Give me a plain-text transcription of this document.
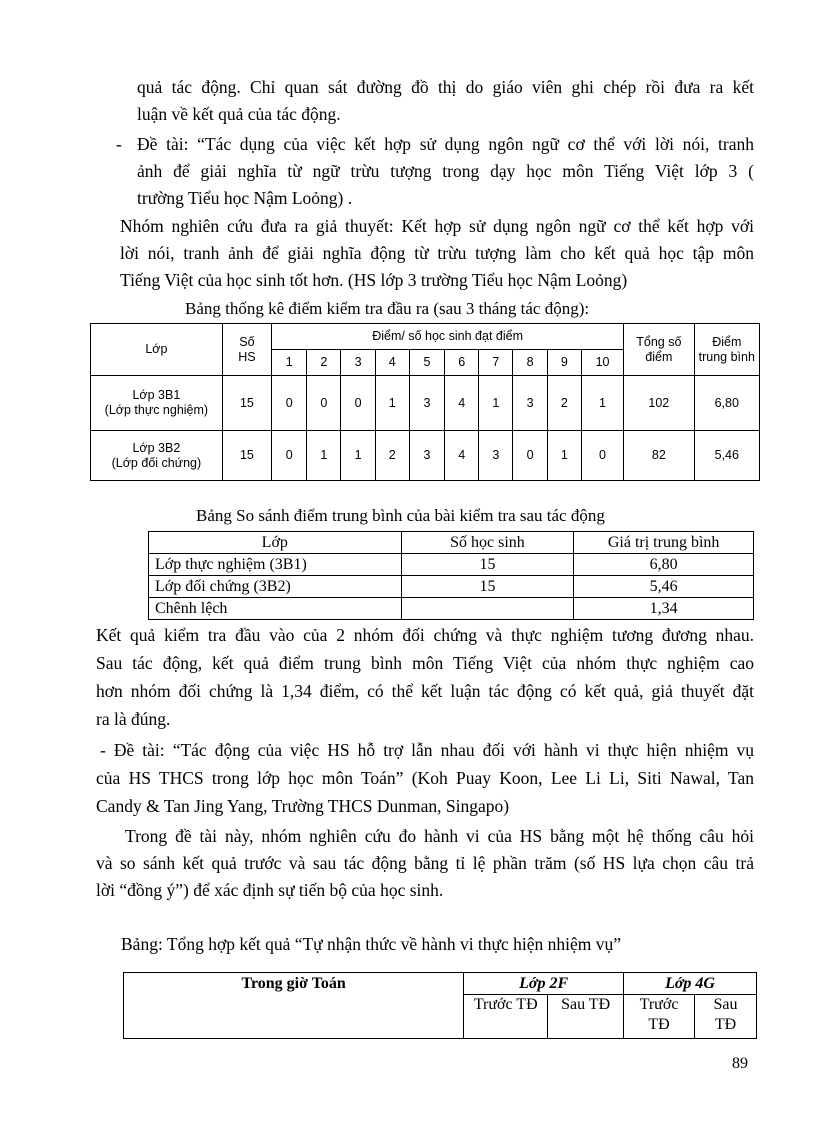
quả tác động. Chỉ quan sát đường đồ thị do giáo viên ghi chép rồi đưa ra kết

luận về kết quả của tác động.

- Đề tài: “Tác dụng của việc kết hợp sử dụng ngôn ngữ cơ thể với lời nói, tranh

ảnh để giải nghĩa từ ngữ trừu tượng trong dạy học môn Tiếng Việt lớp 3 (

trường Tiểu học Nậm Loỏng) .

Nhóm nghiên cứu đưa ra giả thuyết: Kết hợp sử dụng ngôn ngữ cơ thể kết hợp với

lời nói, tranh ảnh để giải nghĩa động từ trừu tượng làm cho kết quả học tập môn

Tiếng Việt của học sinh tốt hơn. (HS lớp 3 trường Tiểu học Nậm Loỏng)

Bảng thống kê điểm kiểm tra đầu ra (sau 3 tháng tác động):
Lớp	Số HS	Điểm/ số học sinh đạt điểm										Tổng số điểm	Điểm trung bình
		1	2	3	4	5	6	7	8	9	10		

Lớp 3B1
(Lớp thực nghiệm)	15	0	0	0	1	3	4	1	3	2	1	102	6,80

Lớp 3B2
(Lớp đối chứng)	15	0	1	1	2	3	4	3	0	1	0	82	5,46
Bảng So sánh điểm trung bình của bài kiểm tra sau tác động
Lớp	Số học sinh	Giá trị trung bình
Lớp thực nghiệm (3B1)	15	6,80
Lớp đối chứng (3B2)	15	5,46
Chênh lệch		1,34

Kết quả kiểm tra đầu vào của 2 nhóm đối chứng và thực nghiệm tương đương nhau.

Sau tác động, kết quả điểm trung bình môn Tiếng Việt của nhóm thực nghiệm cao

hơn nhóm đối chứng là 1,34 điểm, có thể kết luận tác động có kết quả, giả thuyết đặt

ra là đúng.

- Đề tài: “Tác động của việc HS hỗ trợ lẫn nhau đối với hành vi thực hiện nhiệm vụ

của HS THCS trong lớp học môn Toán” (Koh Puay Koon, Lee Li Li, Siti Nawal, Tan

Candy & Tan Jing Yang, Trường THCS Dunman, Singapo)

Trong đề tài này, nhóm nghiên cứu đo hành vi của HS bằng một hệ thống câu hỏi

và so sánh kết quả trước và sau tác động bằng tỉ lệ phần trăm (số HS lựa chọn câu trả

lời “đồng ý”) để xác định sự tiến bộ của học sinh.

Bảng: Tổng hợp kết quả “Tự nhận thức về hành vi thực hiện nhiệm vụ”
Trong giờ Toán	Lớp 2F		Lớp 4G	
	Trước TĐ	Sau TĐ	Trước TĐ	Sau TĐ
89
